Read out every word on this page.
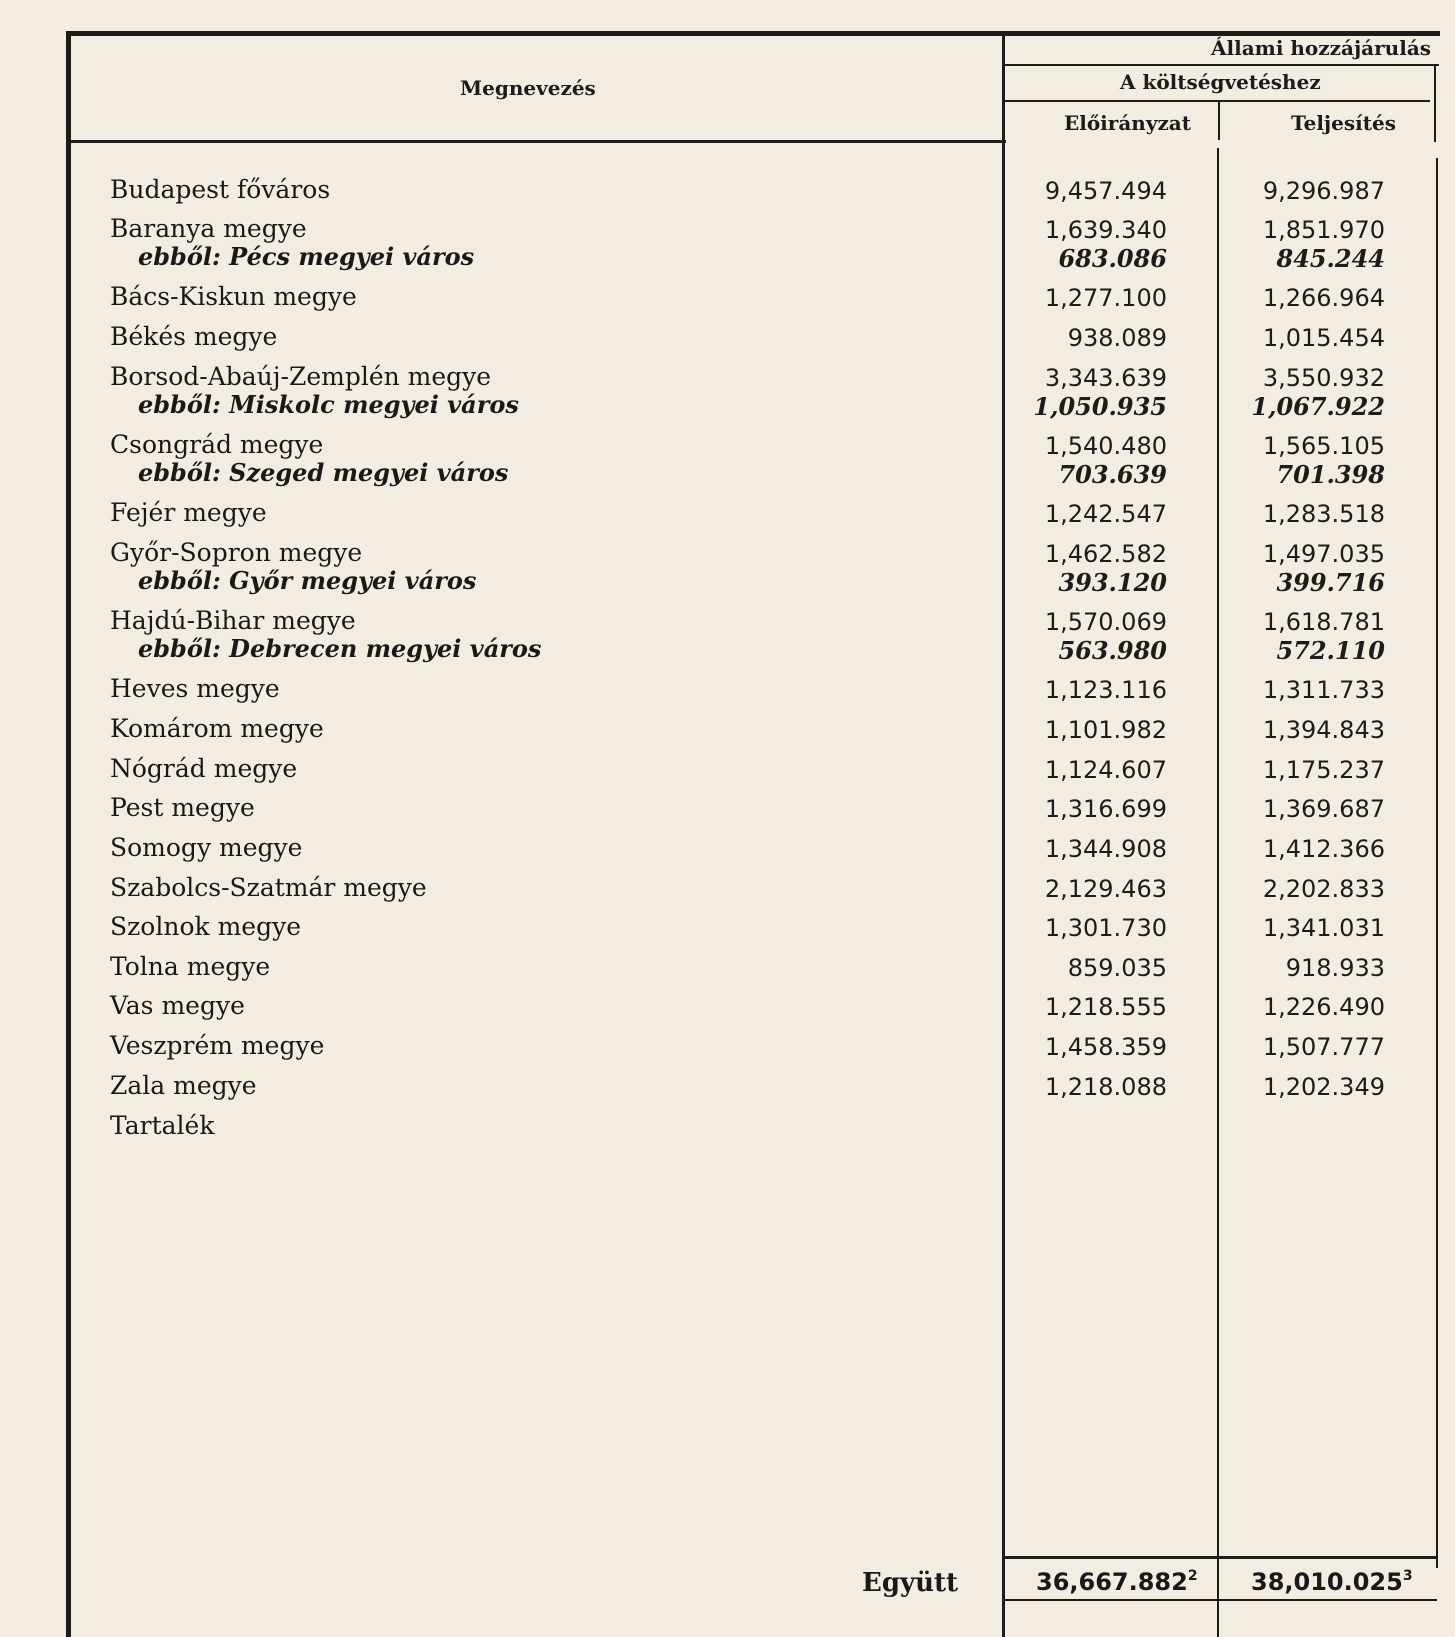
Megnevezés
Állami hozzájárulás
A költségvetéshez
Előirányzat	Teljesítés
Budapest főváros	9,457.494	9,296.987
Baranya megye	1,639.340	1,851.970
ebből: Pécs megyei város	683.086	845.244
Bács-Kiskun megye	1,277.100	1,266.964
Békés megye	938.089	1,015.454
Borsod-Abaúj-Zemplén megye	3,343.639	3,550.932
ebből: Miskolc megyei város	1,050.935	1,067.922
Csongrád megye	1,540.480	1,565.105
ebből: Szeged megyei város	703.639	701.398
Fejér megye	1,242.547	1,283.518
Győr-Sopron megye	1,462.582	1,497.035
ebből: Győr megyei város	393.120	399.716
Hajdú-Bihar megye	1,570.069	1,618.781
ebből: Debrecen megyei város	563.980	572.110
Heves megye	1,123.116	1,311.733
Komárom megye	1,101.982	1,394.843
Nógrád megye	1,124.607	1,175.237
Pest megye	1,316.699	1,369.687
Somogy megye	1,344.908	1,412.366
Szabolcs-Szatmár megye	2,129.463	2,202.833
Szolnok megye	1,301.730	1,341.031
Tolna megye	859.035	918.933
Vas megye	1,218.555	1,226.490
Veszprém megye	1,458.359	1,507.777
Zala megye	1,218.088	1,202.349
Tartalék
Együtt	36,667.882$^2$ 38,010.025$^3$
